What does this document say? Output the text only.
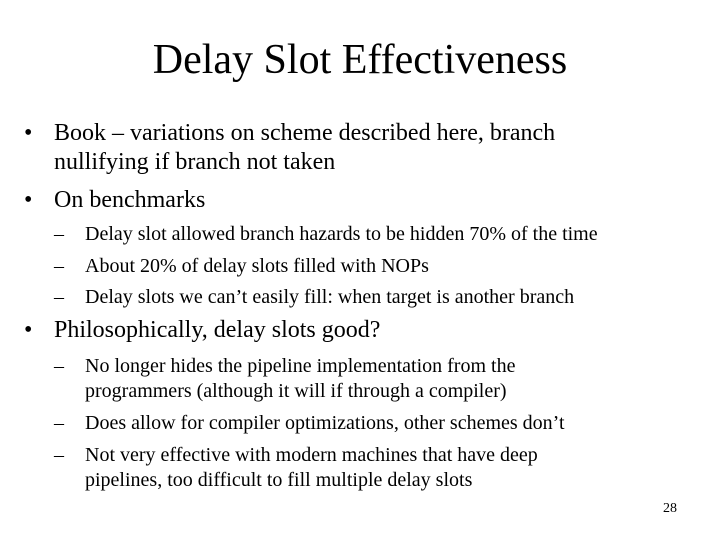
Delay Slot Effectiveness
• Book – variations on scheme described here, branch
nullifying if branch not taken
• On benchmarks
–	Delay slot allowed branch hazards to be hidden 70% of the time
–	About 20% of delay slots filled with NOPs
–	Delay slots we can’t easily fill: when target is another branch
• Philosophically, delay slots good?
–	No longer hides the pipeline implementation from the
programmers (although it will if through a compiler)
–	Does allow for compiler optimizations, other schemes don’t
–	Not very effective with modern machines that have deep
pipelines, too difficult to fill multiple delay slots
28
